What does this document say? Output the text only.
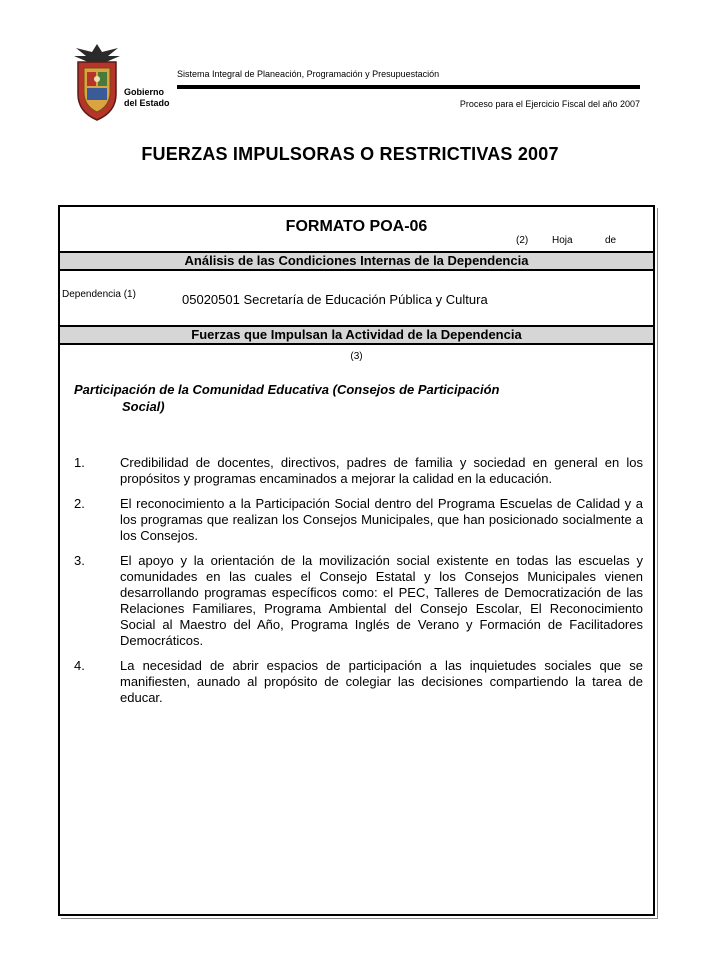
Gobierno
del Estado
Sistema Integral de Planeación, Programación y Presupuestación
Proceso para el Ejercicio Fiscal del año 2007
FUERZAS IMPULSORAS O RESTRICTIVAS 2007
FORMATO POA-06
(2) Hoja	de
Análisis de las Condiciones Internas de la Dependencia
Dependencia (1)	05020501 Secretaría de Educación Pública y Cultura
Fuerzas que Impulsan la Actividad de la Dependencia
(3)
Participación de la Comunidad Educativa (Consejos de Participación
Social)
1.	Credibilidad de docentes, directivos, padres de familia y sociedad en general en los propósitos y programas encaminados a mejorar la calidad en la educación.
2.	El reconocimiento a la Participación Social dentro del Programa Escuelas de Calidad y a los programas que realizan los Consejos Municipales, que han posicionado socialmente a los Consejos.
3.	El apoyo y la orientación de la movilización social existente en todas las escuelas y comunidades en las cuales el Consejo Estatal y los Consejos Municipales vienen desarrollando programas específicos como: el PEC, Talleres de Democratización de las Relaciones Familiares, Programa Ambiental del Consejo Escolar, El Reconocimiento Social al Maestro del Año, Programa Inglés de Verano y Formación de Facilitadores Democráticos.
4.	La necesidad de abrir espacios de participación a las inquietudes sociales que se manifiesten, aunado al propósito de colegiar las decisiones compartiendo la tarea de educar.
